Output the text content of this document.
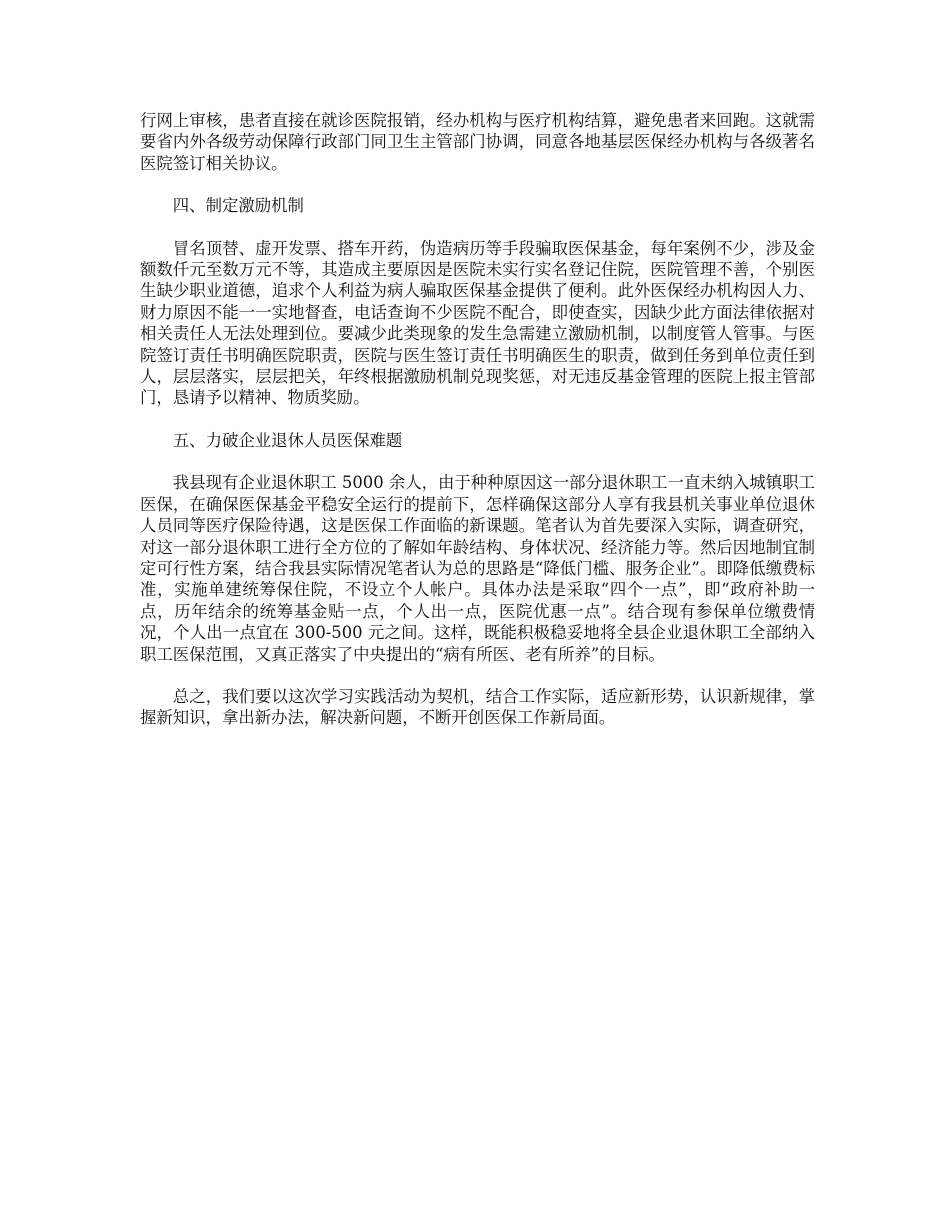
行网上审核，患者直接在就诊医院报销，经办机构与医疗机构结算，避免患者来回跑。这就需要省内外各级劳动保障行政部门同卫生主管部门协调，同意各地基层医保经办机构与各级著名医院签订相关协议。

四、制定激励机制

冒名顶替、虚开发票、搭车开药，伪造病历等手段骗取医保基金，每年案例不少，涉及金额数仟元至数万元不等，其造成主要原因是医院未实行实名登记住院，医院管理不善，个别医生缺少职业道德，追求个人利益为病人骗取医保基金提供了便利。此外医保经办机构因人力、财力原因不能一一实地督查，电话查询不少医院不配合，即使查实，因缺少此方面法律依据对相关责任人无法处理到位。要减少此类现象的发生急需建立激励机制，以制度管人管事。与医院签订责任书明确医院职责，医院与医生签订责任书明确医生的职责，做到任务到单位责任到人，层层落实，层层把关，年终根据激励机制兑现奖惩，对无违反基金管理的医院上报主管部门，恳请予以精神、物质奖励。

五、力破企业退休人员医保难题

我县现有企业退休职工 5000 余人，由于种种原因这一部分退休职工一直未纳入城镇职工医保，在确保医保基金平稳安全运行的提前下，怎样确保这部分人享有我县机关事业单位退休人员同等医疗保险待遇，这是医保工作面临的新课题。笔者认为首先要深入实际，调查研究，对这一部分退休职工进行全方位的了解如年龄结构、身体状况、经济能力等。然后因地制宜制定可行性方案，结合我县实际情况笔者认为总的思路是“降低门槛、服务企业”。即降低缴费标准，实施单建统筹保住院，不设立个人帐户。具体办法是采取“四个一点”，即“政府补助一点，历年结余的统筹基金贴一点，个人出一点，医院优惠一点”。结合现有参保单位缴费情况，个人出一点宜在 300-500 元之间。这样，既能积极稳妥地将全县企业退休职工全部纳入职工医保范围，又真正落实了中央提出的“病有所医、老有所养”的目标。

总之，我们要以这次学习实践活动为契机，结合工作实际，适应新形势，认识新规律，掌握新知识，拿出新办法，解决新问题，不断开创医保工作新局面。
